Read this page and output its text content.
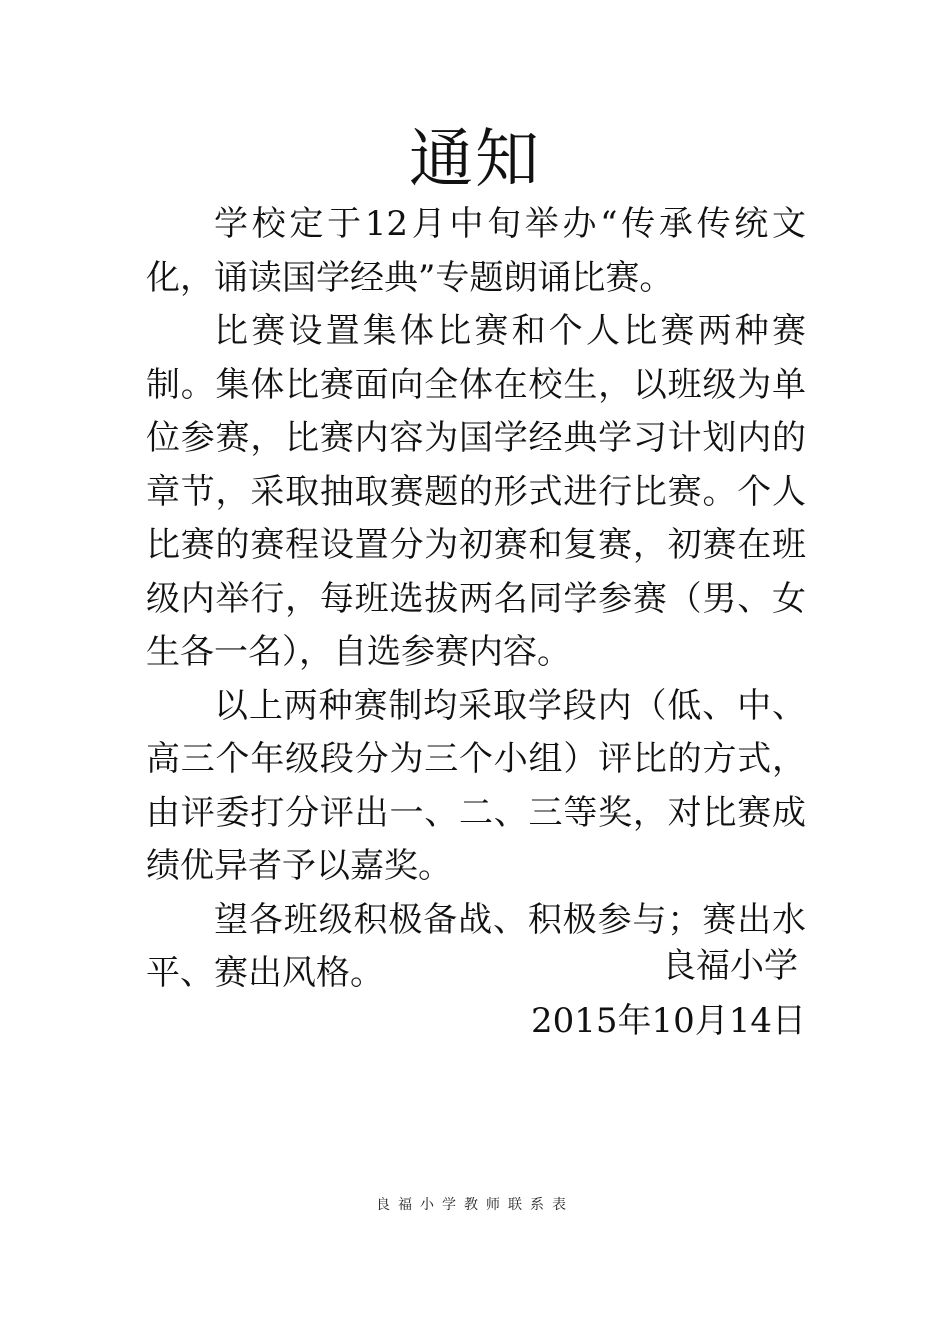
通知

学校定于12月中旬举办“传承传统文化，诵读国学经典”专题朗诵比赛。

比赛设置集体比赛和个人比赛两种赛制。集体比赛面向全体在校生，以班级为单位参赛，比赛内容为国学经典学习计划内的章节，采取抽取赛题的形式进行比赛。个人比赛的赛程设置分为初赛和复赛，初赛在班级内举行，每班选拔两名同学参赛（男、女生各一名），自选参赛内容。

以上两种赛制均采取学段内（低、中、高三个年级段分为三个小组）评比的方式，由评委打分评出一、二、三等奖，对比赛成绩优异者予以嘉奖。

望各班级积极备战、积极参与；赛出水平、赛出风格。	良福小学
2015年10月14日
良福小学教师联系表
